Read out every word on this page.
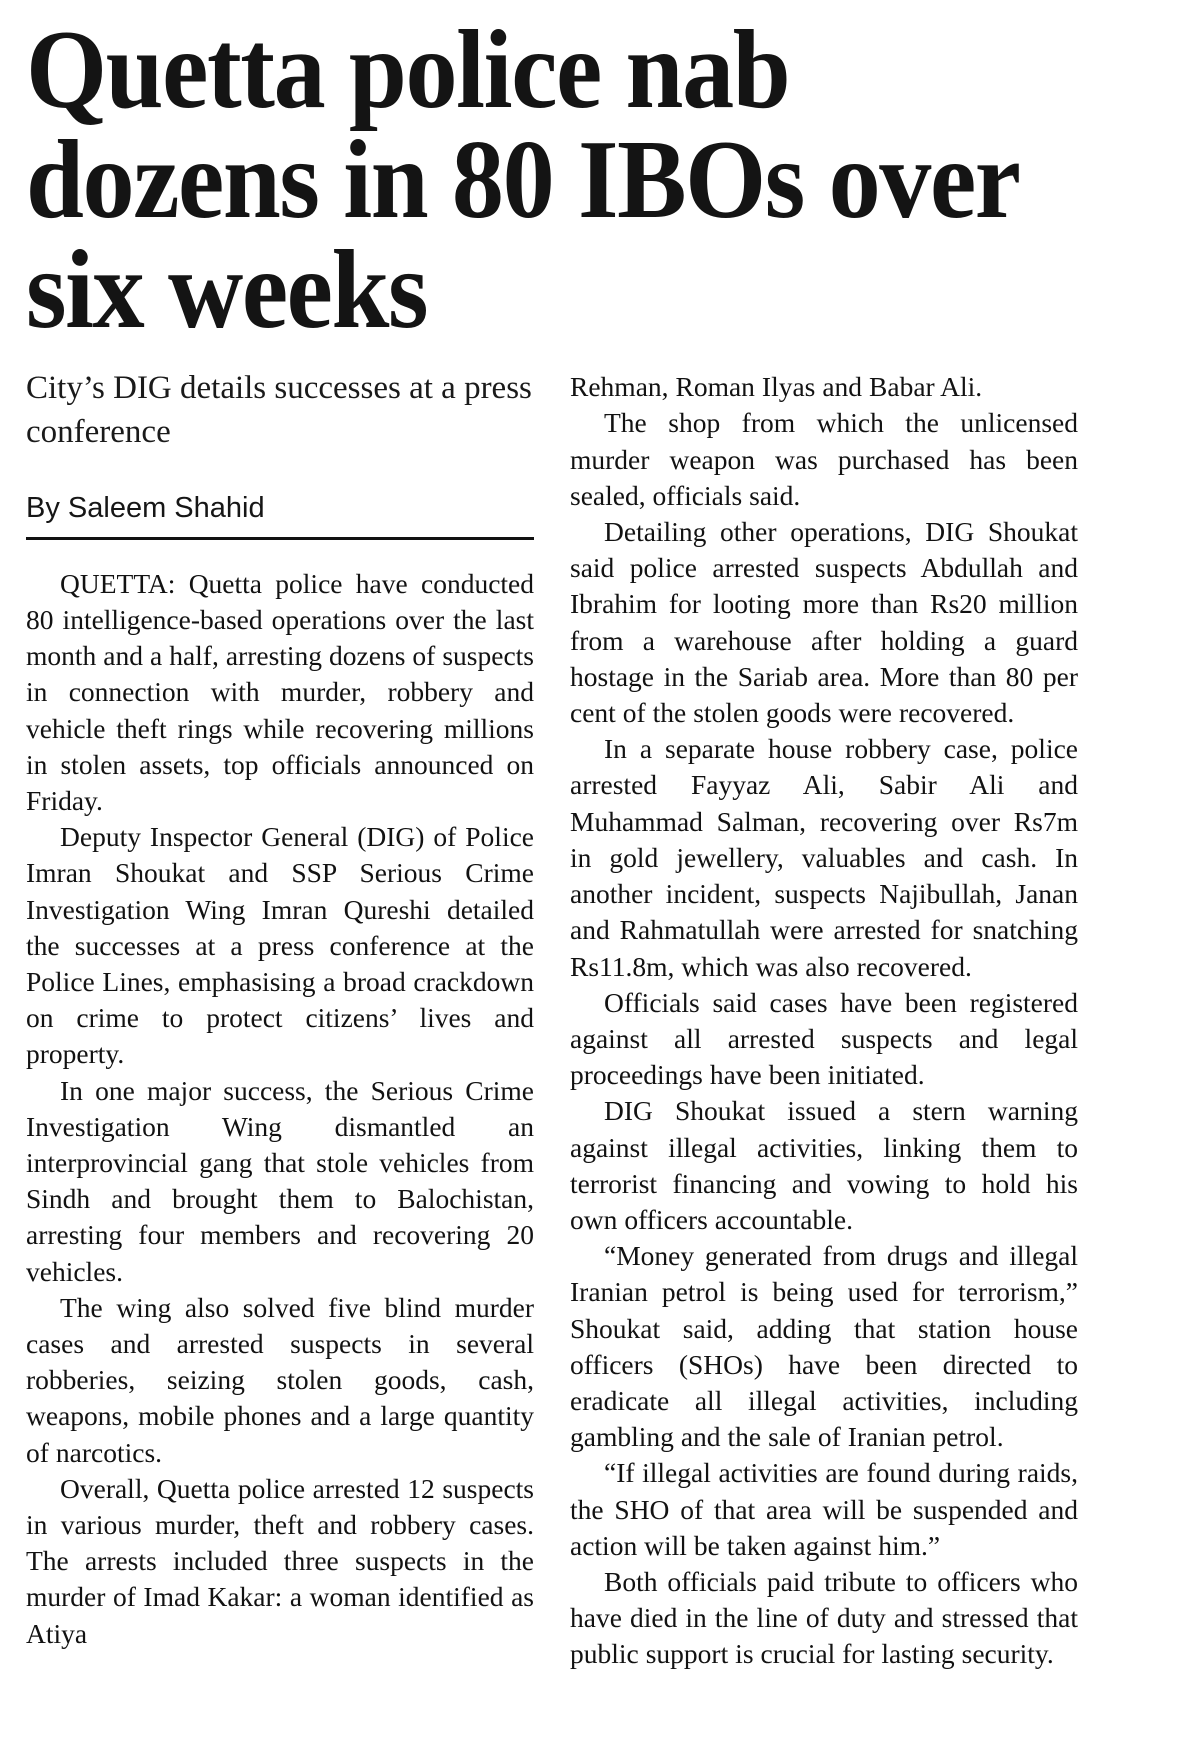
Quetta police nab dozens in 80 IBOs over six weeks
City’s DIG details successes at a press conference
By Saleem Shahid

QUETTA: Quetta police have conducted 80 intelligence-based operations over the last month and a half, arresting dozens of suspects in connection with murder, robbery and vehicle theft rings while recovering millions in stolen assets, top officials announced on Friday.

Deputy Inspector General (DIG) of Police Imran Shoukat and SSP Serious Crime Investigation Wing Imran Qureshi detailed the successes at a press conference at the Police Lines, emphasising a broad crackdown on crime to protect citizens’ lives and property.

In one major success, the Serious Crime Investigation Wing dismantled an interprovincial gang that stole vehicles from Sindh and brought them to Balochistan, arresting four members and recovering 20 vehicles.

The wing also solved five blind murder cases and arrested suspects in several robberies, seizing stolen goods, cash, weapons, mobile phones and a large quantity of narcotics.

Overall, Quetta police arrested 12 suspects in various murder, theft and robbery cases. The arrests included three suspects in the murder of Imad Kakar: a woman identified as Atiya

Rehman, Roman Ilyas and Babar Ali.

The shop from which the unlicensed murder weapon was purchased has been sealed, officials said.

Detailing other operations, DIG Shoukat said police arrested suspects Abdullah and Ibrahim for looting more than Rs20 million from a warehouse after holding a guard hostage in the Sariab area. More than 80 per cent of the stolen goods were recovered.

In a separate house robbery case, police arrested Fayyaz Ali, Sabir Ali and Muhammad Salman, recovering over Rs7m in gold jewellery, valuables and cash. In another incident, suspects Najibullah, Janan and Rahmatullah were arrested for snatching Rs11.8m, which was also recovered.

Officials said cases have been registered against all arrested suspects and legal proceedings have been initiated.

DIG Shoukat issued a stern warning against illegal activities, linking them to terrorist financing and vowing to hold his own officers accountable.

“Money generated from drugs and illegal Iranian petrol is being used for terrorism,” Shoukat said, adding that station house officers (SHOs) have been directed to eradicate all illegal activities, including gambling and the sale of Iranian petrol.

“If illegal activities are found during raids, the SHO of that area will be suspended and action will be taken against him.”

Both officials paid tribute to officers who have died in the line of duty and stressed that public support is crucial for lasting security.
